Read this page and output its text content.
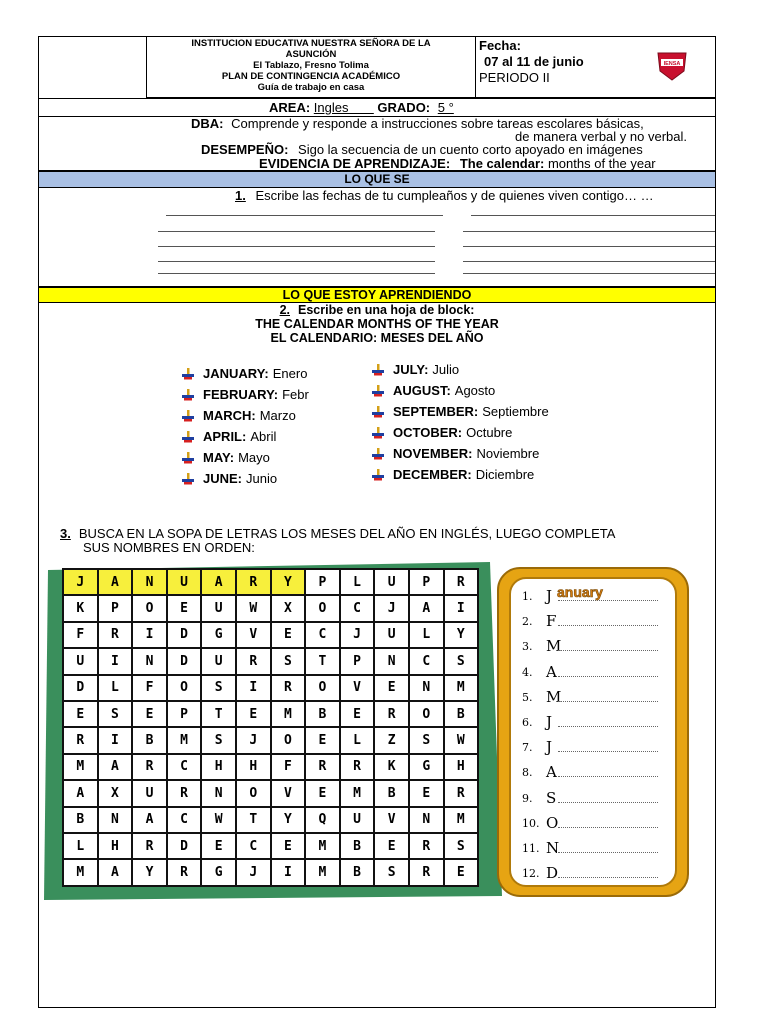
INSTITUCION EDUCATIVA NUESTRA SEÑORA DE LA
ASUNCIÓN
El Tablazo, Fresno Tolima
PLAN DE CONTINGENCIA ACADÉMICO
Guía de trabajo en casa
Fecha:
07 al 11 de junio
PERIODO II
IENSA
AREA: Ingles GRADO: 5 °
DBA: Comprende y responde a instrucciones sobre tareas escolares básicas,
de manera verbal y no verbal.
DESEMPEÑO: Sigo la secuencia de un cuento corto apoyado en imágenes
EVIDENCIA DE APRENDIZAJE: The calendar: months of the year
LO QUE SE
1. Escribe las fechas de tu cumpleaños y de quienes viven contigo… …
LO QUE ESTOY APRENDIENDO
2. Escribe en una hoja de block:
THE CALENDAR MONTHS OF THE YEAR
EL CALENDARIO: MESES DEL AÑO
JANUARY: Enero
FEBRUARY: Febr
MARCH: Marzo
APRIL: Abril
MAY: Mayo
JUNE: Junio
JULY: Julio
AUGUST: Agosto
SEPTEMBER: Septiembre
OCTOBER: Octubre
NOVEMBER: Noviembre
DECEMBER: Diciembre
3. BUSCA EN LA SOPA DE LETRAS LOS MESES DEL AÑO EN INGLÉS, LUEGO COMPLETA
SUS NOMBRES EN ORDEN:
J	A	N	U	A	R	Y	P	L	U	P	R
K	P	O	E	U	W	X	O	C	J	A	I
F	R	I	D	G	V	E	C	J	U	L	Y
U	I	N	D	U	R	S	T	P	N	C	S
D	L	F	O	S	I	R	O	V	E	N	M
E	S	E	P	T	E	M	B	E	R	O	B
R	I	B	M	S	J	O	E	L	Z	S	W
M	A	R	C	H	H	F	R	R	K	G	H
A	X	U	R	N	O	V	E	M	B	E	R
B	N	A	C	W	T	Y	Q	U	V	N	M
L	H	R	D	E	C	E	M	B	E	R	S
M	A	Y	R	G	J	I	M	B	S	R	E
1. J anuary
2. F
3. M
4. A
5. M
6. J
7. J
8. A
9. S
10. O
11. N
12. D
